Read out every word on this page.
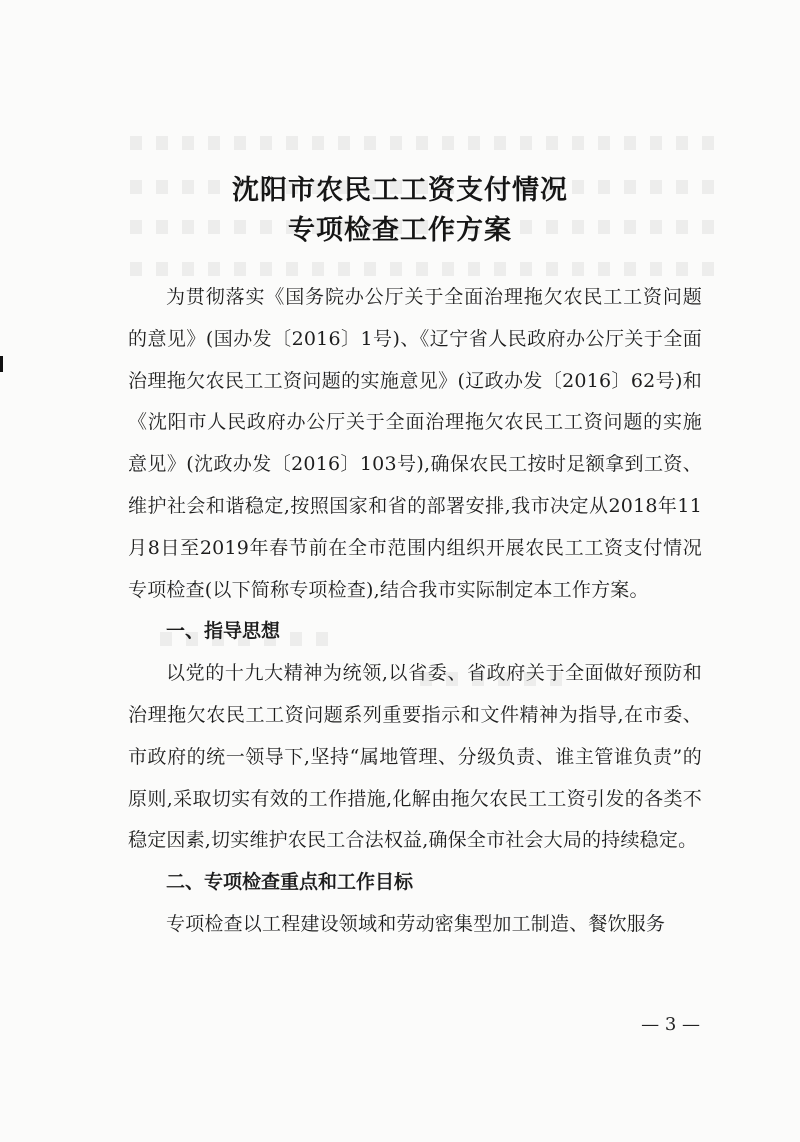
沈阳市农民工工资支付情况
专项检查工作方案

为贯彻落实《国务院办公厅关于全面治理拖欠农民工工资问题的意见》(国办发〔2016〕1号)、《辽宁省人民政府办公厅关于全面治理拖欠农民工工资问题的实施意见》(辽政办发〔2016〕62号)和《沈阳市人民政府办公厅关于全面治理拖欠农民工工资问题的实施意见》(沈政办发〔2016〕103号),确保农民工按时足额拿到工资、维护社会和谐稳定,按照国家和省的部署安排,我市决定从2018年11月8日至2019年春节前在全市范围内组织开展农民工工资支付情况专项检查(以下简称专项检查),结合我市实际制定本工作方案。

一、指导思想

以党的十九大精神为统领,以省委、省政府关于全面做好预防和治理拖欠农民工工资问题系列重要指示和文件精神为指导,在市委、市政府的统一领导下,坚持“属地管理、分级负责、谁主管谁负责”的原则,采取切实有效的工作措施,化解由拖欠农民工工资引发的各类不稳定因素,切实维护农民工合法权益,确保全市社会大局的持续稳定。

二、专项检查重点和工作目标

专项检查以工程建设领域和劳动密集型加工制造、餐饮服务

— 3 —
